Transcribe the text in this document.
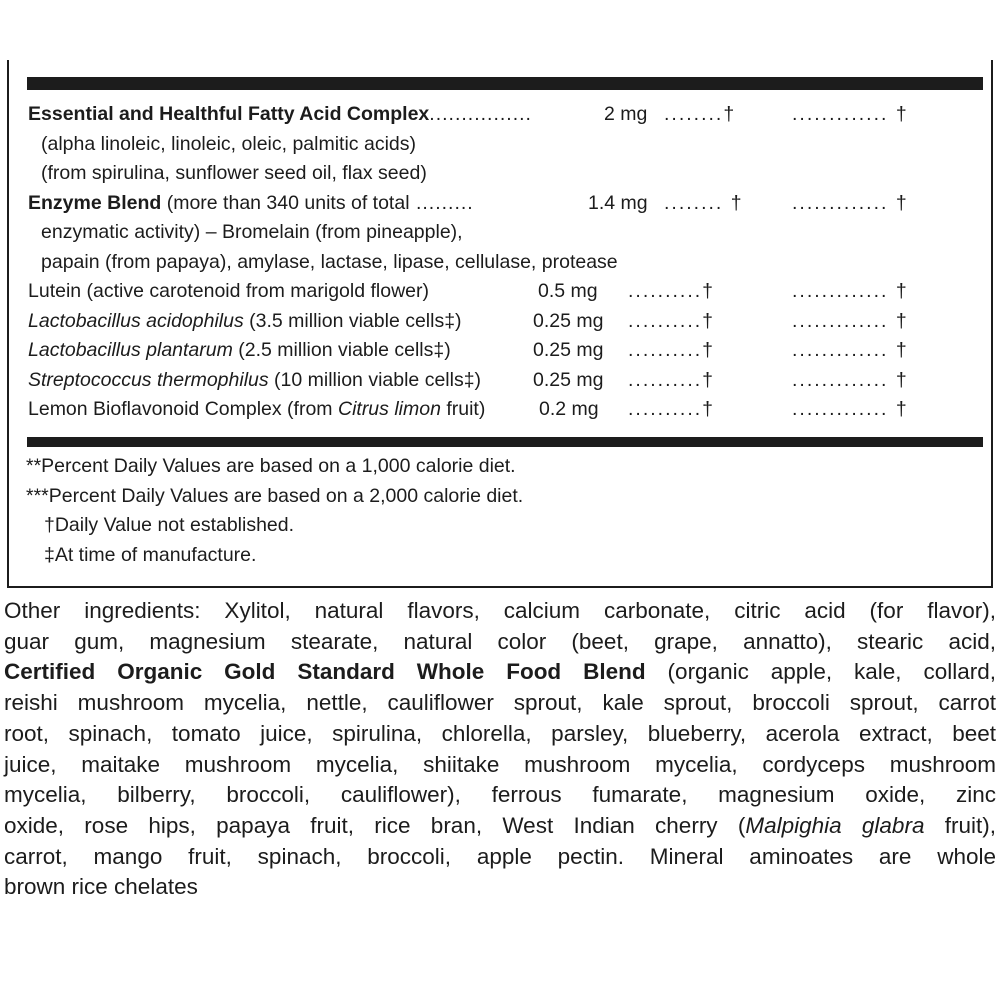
Essential and Healthful Fatty Acid Complex................	2 mg ........†	............. †
(alpha linoleic, linoleic, oleic, palmitic acids)
(from spirulina, sunflower seed oil, flax seed)
Enzyme Blend (more than 340 units of total .........	1.4 mg ........ † ............. †
enzymatic activity) – Bromelain (from pineapple),
papain (from papaya), amylase, lactase, lipase, cellulase, protease
Lutein (active carotenoid from marigold flower)	0.5 mg ..........†	............. †
Lactobacillus acidophilus (3.5 million viable cells‡)	0.25 mg ..........†	............. †
Lactobacillus plantarum (2.5 million viable cells‡)	0.25 mg ..........†	............. †
Streptococcus thermophilus (10 million viable cells‡)	0.25 mg ..........†	............. †
Lemon Bioflavonoid Complex (from Citrus limon fruit)	0.2 mg ..........†	............. †
**Percent Daily Values are based on a 1,000 calorie diet.
***Percent Daily Values are based on a 2,000 calorie diet.
†Daily Value not established.
‡At time of manufacture.
Other ingredients: Xylitol, natural flavors, calcium carbonate, citric acid (for flavor),
guar gum, magnesium stearate, natural color (beet, grape, annatto), stearic acid,
Certified Organic Gold Standard Whole Food Blend (organic apple, kale, collard,
reishi mushroom mycelia, nettle, cauliflower sprout, kale sprout, broccoli sprout, carrot
root, spinach, tomato juice, spirulina, chlorella, parsley, blueberry, acerola extract, beet
juice, maitake mushroom mycelia, shiitake mushroom mycelia, cordyceps mushroom
mycelia, bilberry, broccoli, cauliflower), ferrous fumarate, magnesium oxide, zinc
oxide, rose hips, papaya fruit, rice bran, West Indian cherry (Malpighia glabra fruit),
carrot, mango fruit, spinach, broccoli, apple pectin. Mineral aminoates are whole
brown rice chelates
